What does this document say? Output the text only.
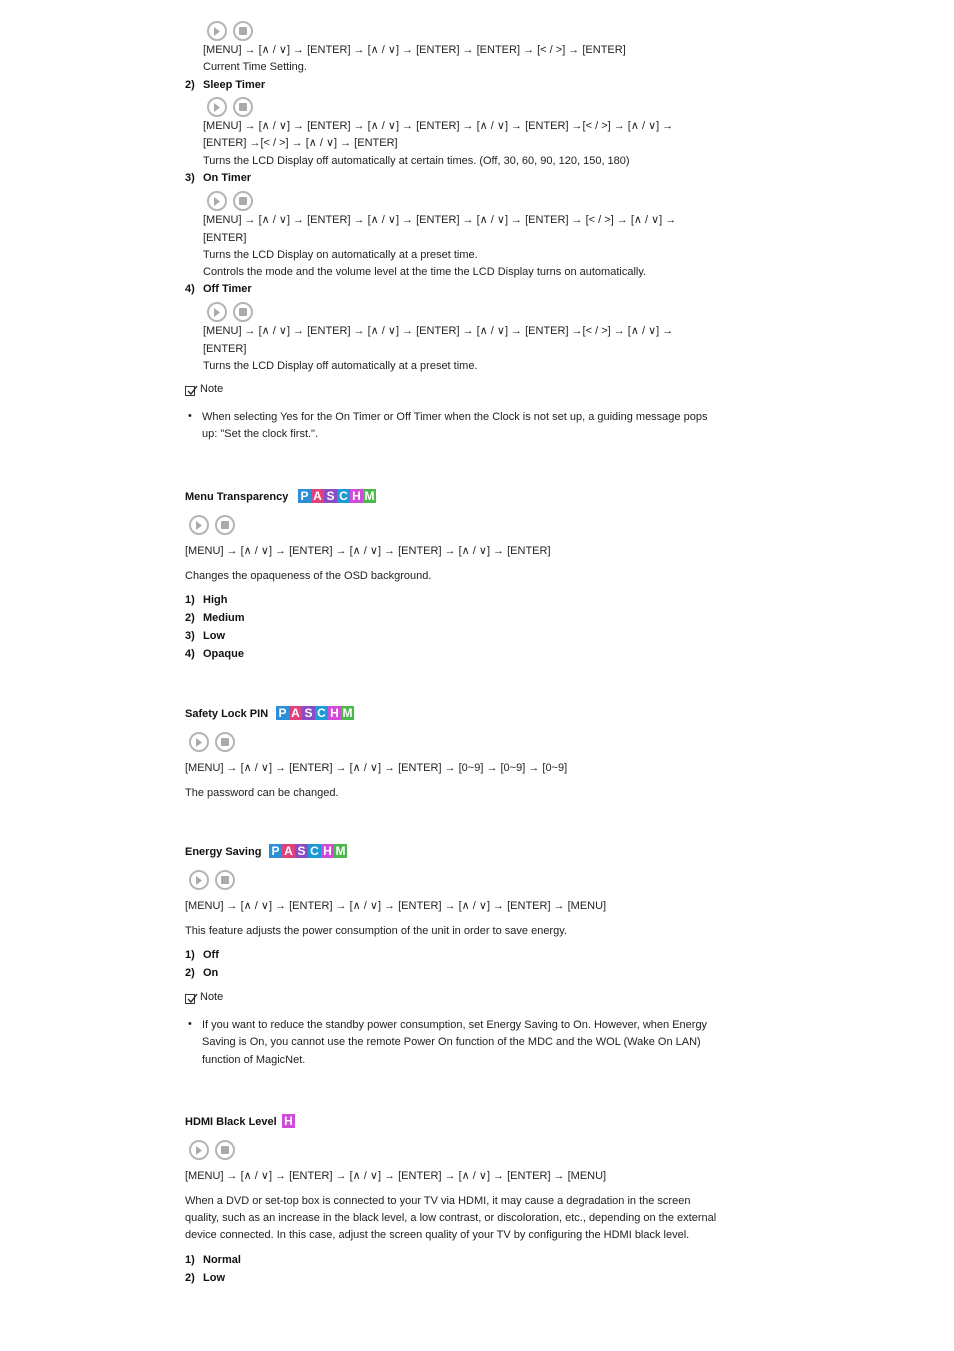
[MENU] → [∧ / ∨] → [ENTER] → [∧ / ∨] → [ENTER] → [ENTER] → [< / >] → [ENTER]
Current Time Setting.
2) Sleep Timer
[MENU] → [∧ / ∨] → [ENTER] → [∧ / ∨] → [ENTER] → [∧ / ∨] → [ENTER] →[< / >] → [∧ / ∨] →
[ENTER] →[< / >] → [∧ / ∨] → [ENTER]
Turns the LCD Display off automatically at certain times. (Off, 30, 60, 90, 120, 150, 180)
3) On Timer
[MENU] → [∧ / ∨] → [ENTER] → [∧ / ∨] → [ENTER] → [∧ / ∨] → [ENTER] → [< / >] → [∧ / ∨] →
[ENTER]
Turns the LCD Display on automatically at a preset time.
Controls the mode and the volume level at the time the LCD Display turns on automatically.
4) Off Timer
[MENU] → [∧ / ∨] → [ENTER] → [∧ / ∨] → [ENTER] → [∧ / ∨] → [ENTER] →[< / >] → [∧ / ∨] →
[ENTER]
Turns the LCD Display off automatically at a preset time.
Note
• When selecting Yes for the On Timer or Off Timer when the Clock is not set up, a guiding message pops
up: "Set the clock first.".
Menu Transparency P A S C H M
[MENU] → [∧ / ∨] → [ENTER] → [∧ / ∨] → [ENTER] → [∧ / ∨] → [ENTER]
Changes the opaqueness of the OSD background.
1) High
2) Medium
3) Low
4) Opaque
Safety Lock PIN P A S C H M
[MENU] → [∧ / ∨] → [ENTER] → [∧ / ∨] → [ENTER] → [0~9] → [0~9] → [0~9]
The password can be changed.
Energy Saving P A S C H M
[MENU] → [∧ / ∨] → [ENTER] → [∧ / ∨] → [ENTER] → [∧ / ∨] → [ENTER] → [MENU]
This feature adjusts the power consumption of the unit in order to save energy.
1) Off
2) On
Note
• If you want to reduce the standby power consumption, set Energy Saving to On. However, when Energy
Saving is On, you cannot use the remote Power On function of the MDC and the WOL (Wake On LAN)
function of MagicNet.
HDMI Black Level H
[MENU] → [∧ / ∨] → [ENTER] → [∧ / ∨] → [ENTER] → [∧ / ∨] → [ENTER] → [MENU]
When a DVD or set-top box is connected to your TV via HDMI, it may cause a degradation in the screen
quality, such as an increase in the black level, a low contrast, or discoloration, etc., depending on the external
device connected. In this case, adjust the screen quality of your TV by configuring the HDMI black level.
1) Normal
2) Low
